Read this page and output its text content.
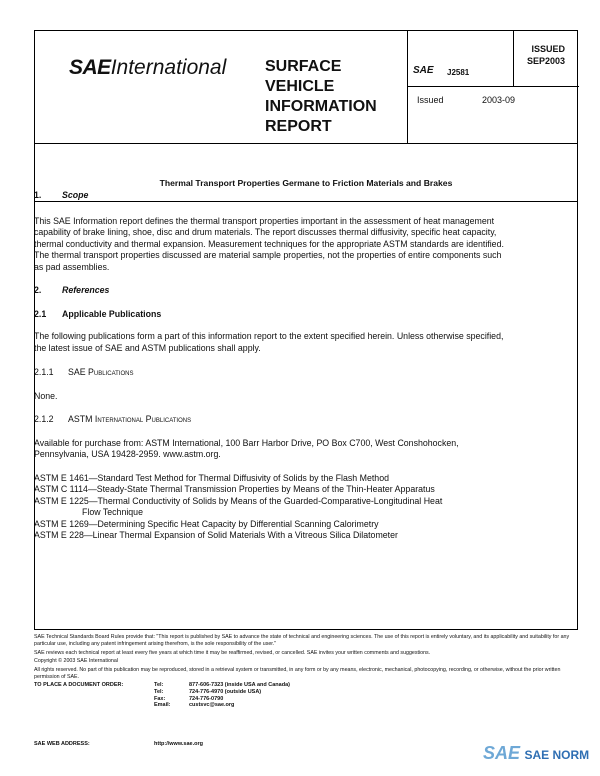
SAEInternational SURFACE
VEHICLE
INFORMATION
REPORT
SAE J2581
Issued	2003-09
ISSUED
SEP2003
Thermal Transport Properties Germane to Friction Materials and Brakes

1. Scope

This SAE Information report defines the thermal transport properties important in the assessment of heat management capability of brake lining, shoe, disc and drum materials. The report discusses thermal diffusivity, specific heat capacity, thermal conductivity and thermal expansion. Measurement techniques for the appropriate ASTM standards are identified. The thermal transport properties discussed are material sample properties, not the properties of entire components such as pad assemblies.

2. References

2.1 Applicable Publications

The following publications form a part of this information report to the extent specified herein. Unless otherwise specified, the latest issue of SAE and ASTM publications shall apply.

2.1.1 SAE Publications

None.

2.1.2 ASTM International Publications

Available for purchase from: ASTM International, 100 Barr Harbor Drive, PO Box C700, West Conshohocken, Pennsylvania, USA 19428-2959. www.astm.org.

ASTM E 1461—Standard Test Method for Thermal Diffusivity of Solids by the Flash Method

ASTM C 1114—Steady-State Thermal Transmission Properties by Means of the Thin-Heater Apparatus

ASTM E 1225—Thermal Conductivity of Solids by Means of the Guarded-Comparative-Longitudinal Heat

Flow Technique

ASTM E 1269—Determining Specific Heat Capacity by Differential Scanning Calorimetry

ASTM E 228—Linear Thermal Expansion of Solid Materials With a Vitreous Silica Dilatometer

SAE Technical Standards Board Rules provide that: "This report is published by SAE to advance the state of technical and engineering sciences. The use of this report is entirely voluntary, and its applicability and suitability for any particular use, including any patent infringement arising therefrom, is the sole responsibility of the user."

SAE reviews each technical report at least every five years at which time it may be reaffirmed, revised, or cancelled. SAE invites your written comments and suggestions.

Copyright © 2003 SAE International

All rights reserved. No part of this publication may be reproduced, stored in a retrieval system or transmitted, in any form or by any means, electronic, mechanical, photocopying, recording, or otherwise, without the prior written permission of SAE.

TO PLACE A DOCUMENT ORDER:	Tel:	877-606-7323 (inside USA and Canada)
Tel:	724-776-4970 (outside USA)
Fax:	724-776-0790
Email:	custsvc@sae.org
SAE WEB ADDRESS:	http://www.sae.org	SAE SAE NORM
